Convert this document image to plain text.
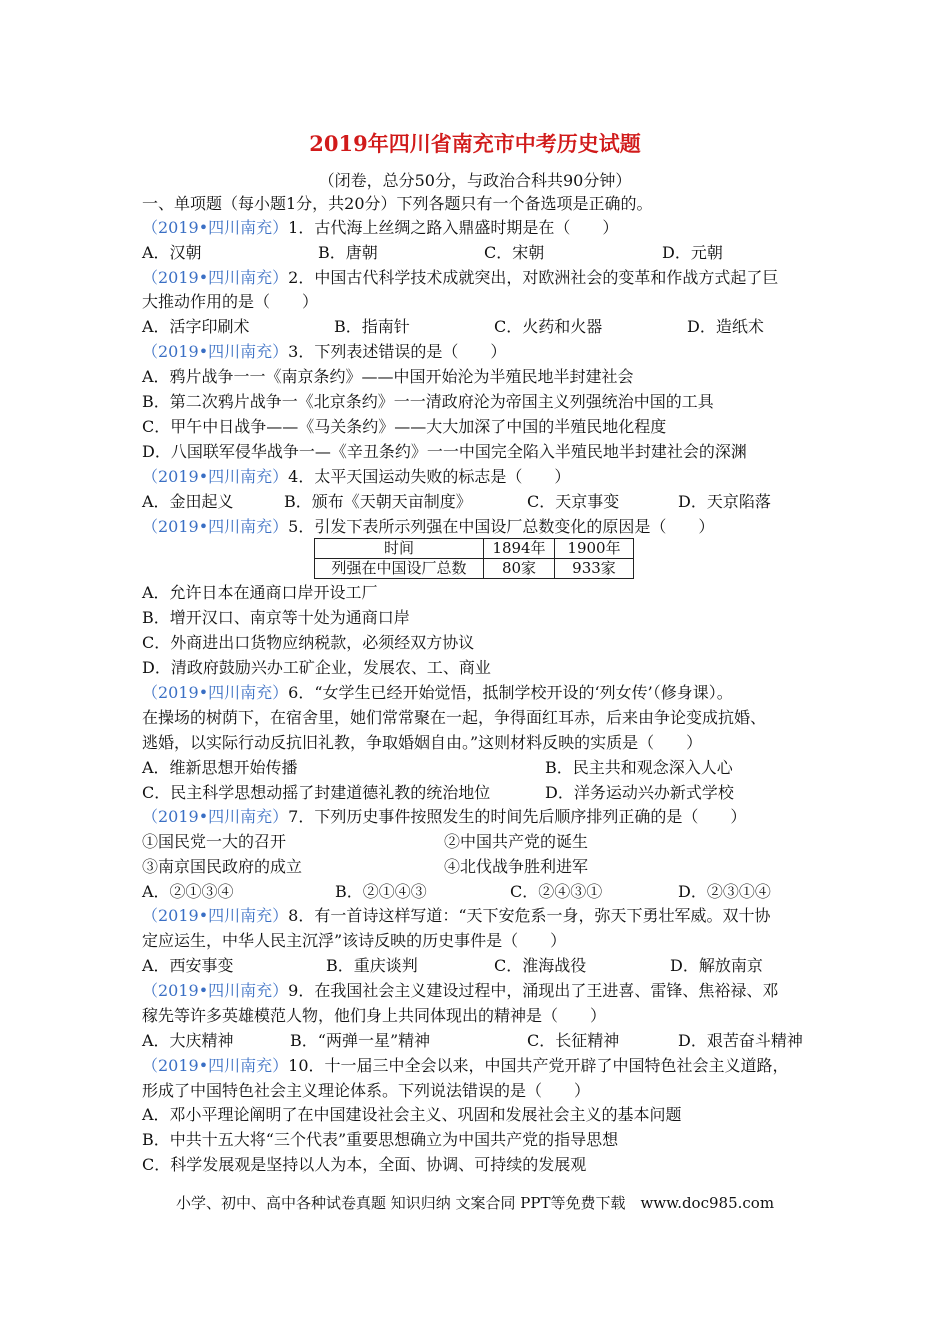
2019年四川省南充市中考历史试题
（闭卷，总分50分，与政治合科共90分钟）
一、单项题（每小题1分，共20分）下列各题只有一个备选项是正确的。
（2019•四川南充）1．古代海上丝绸之路入鼎盛时期是在（　　）
A．汉朝	B．唐朝	C．宋朝	D．元朝
（2019•四川南充）2．中国古代科学技术成就突出，对欧洲社会的变革和作战方式起了巨
大推动作用的是（　　）
A．活字印刷术	B．指南针	C．火药和火器	D．造纸术
（2019•四川南充）3．下列表述错误的是（　　）
A．鸦片战争一一《南京条约》——中国开始沦为半殖民地半封建社会
B．第二次鸦片战争一《北京条约》一一清政府沦为帝国主义列强统治中国的工具
C．甲午中日战争——《马关条约》——大大加深了中国的半殖民地化程度
D．八国联军侵华战争一—《辛丑条约》一一中国完全陷入半殖民地半封建社会的深渊
（2019•四川南充）4．太平天国运动失败的标志是（　　）
A．金田起义	B．颁布《天朝天亩制度》	C．天京事变	D．天京陷落
（2019•四川南充）5．引发下表所示列强在中国设厂总数变化的原因是（　　）
时间	1894年	1900年
列强在中国设厂总数	80家	933家
A．允许日本在通商口岸开设工厂
B．增开汉口、南京等十处为通商口岸
C．外商进出口货物应纳税款，必须经双方协议
D．清政府鼓励兴办工矿企业，发展农、工、商业
（2019•四川南充）6．“女学生已经开始觉悟，抵制学校开设的‘列女传’（修身课）。
在操场的树荫下，在宿舍里，她们常常聚在一起，争得面红耳赤，后来由争论变成抗婚、
逃婚，以实际行动反抗旧礼教，争取婚姻自由。”这则材料反映的实质是（　　）
A．维新思想开始传播	B．民主共和观念深入人心
C．民主科学思想动摇了封建道德礼教的统治地位	D．洋务运动兴办新式学校
（2019•四川南充）7．下列历史事件按照发生的时间先后顺序排列正确的是（　　）
①国民党一大的召开	②中国共产党的诞生
③南京国民政府的成立	④北伐战争胜利进军
A．②①③④	B．②①④③	C．②④③①	D．②③①④
（2019•四川南充）8．有一首诗这样写道：“天下安危系一身，弥天下勇壮军威。双十协
定应运生，中华人民主沉浮”该诗反映的历史事件是（　　）
A．西安事变	B．重庆谈判	C．淮海战役	D．解放南京
（2019•四川南充）9．在我国社会主义建设过程中，涌现出了王进喜、雷锋、焦裕禄、邓
稼先等许多英雄模范人物，他们身上共同体现出的精神是（　　）
A．大庆精神	B．“两弹一星”精神	C．长征精神	D．艰苦奋斗精神
（2019•四川南充）10．十一届三中全会以来，中国共产党开辟了中国特色社会主义道路，
形成了中国特色社会主义理论体系。下列说法错误的是（　　）
A．邓小平理论阐明了在中国建设社会主义、巩固和发展社会主义的基本问题
B．中共十五大将“三个代表”重要思想确立为中国共产党的指导思想
C．科学发展观是坚持以人为本，全面、协调、可持续的发展观
小学、初中、高中各种试卷真题 知识归纳 文案合同 PPT等免费下载　www.doc985.com
